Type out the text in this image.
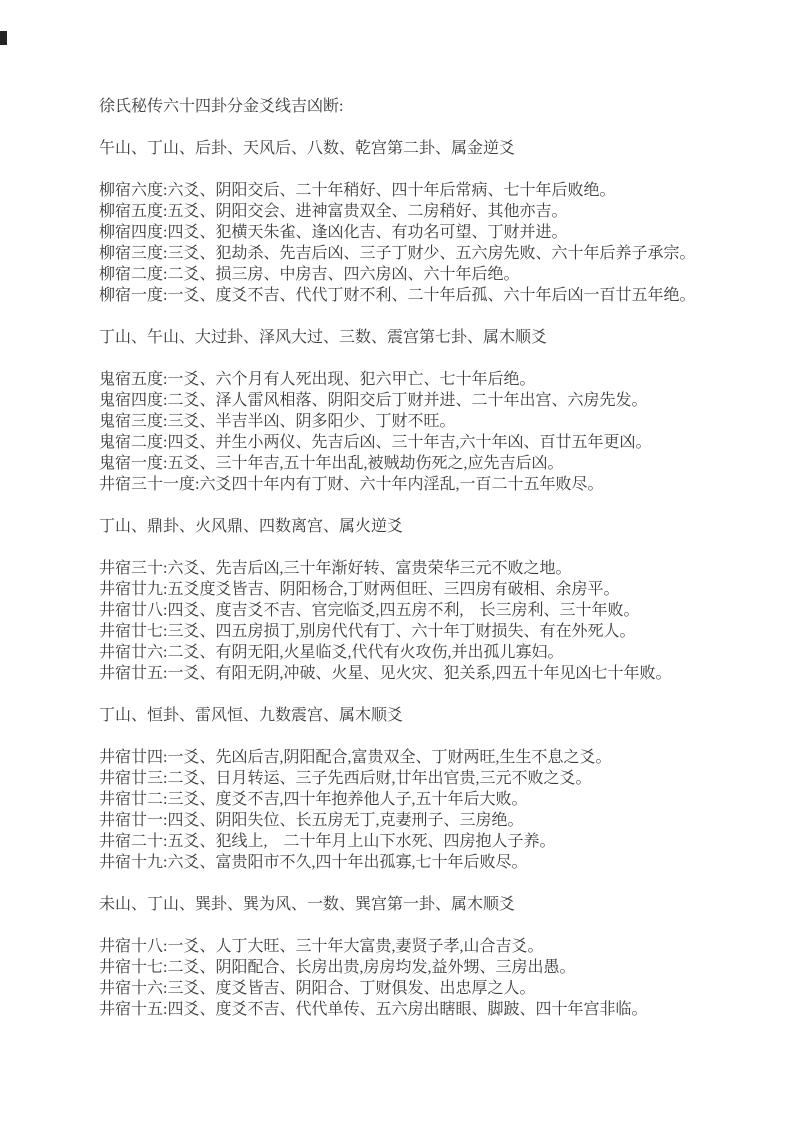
徐氏秘传六十四卦分金爻线吉凶断:

午山、丁山、后卦、天风后、八数、乾宫第二卦、属金逆爻

柳宿六度:六爻、阴阳交后、二十年稍好、四十年后常病、七十年后败绝。

柳宿五度:五爻、阴阳交会、进神富贵双全、二房稍好、其他亦吉。

柳宿四度:四爻、犯横天朱雀、逢凶化吉、有功名可望、丁财并进。

柳宿三度:三爻、犯劫杀、先吉后凶、三子丁财少、五六房先败、六十年后养子承宗。

柳宿二度:二爻、损三房、中房吉、四六房凶、六十年后绝。

柳宿一度:一爻、度爻不吉、代代丁财不利、二十年后孤、六十年后凶一百廿五年绝。

丁山、午山、大过卦、泽风大过、三数、震宫第七卦、属木顺爻

鬼宿五度:一爻、六个月有人死出现、犯六甲亡、七十年后绝。

鬼宿四度:二爻、泽人雷风相落、阴阳交后丁财并进、二十年出宫、六房先发。

鬼宿三度:三爻、半吉半凶、阴多阳少、丁财不旺。

鬼宿二度:四爻、并生小两仪、先吉后凶、三十年吉,六十年凶、百廿五年更凶。

鬼宿一度:五爻、三十年吉,五十年出乱,被贼劫伤死之,应先吉后凶。

井宿三十一度:六爻四十年内有丁财、六十年内淫乱,一百二十五年败尽。

丁山、鼎卦、火风鼎、四数离宫、属火逆爻

井宿三十:六爻、先吉后凶,三十年渐好转、富贵荣华三元不败之地。

井宿廿九:五爻度爻皆吉、阴阳杨合,丁财两但旺、三四房有破相、余房平。

井宿廿八:四爻、度吉爻不吉、官完临爻,四五房不利,　长三房利、三十年败。

井宿廿七:三爻、四五房损丁,别房代代有丁、六十年丁财损失、有在外死人。

井宿廿六:二爻、有阴无阳,火星临爻,代代有火攻伤,并出孤儿寡妇。

井宿廿五:一爻、有阳无阴,冲破、火星、见火灾、犯关系,四五十年见凶七十年败。

丁山、恒卦、雷风恒、九数震宫、属木顺爻

井宿廿四:一爻、先凶后吉,阴阳配合,富贵双全、丁财两旺,生生不息之爻。

井宿廿三:二爻、日月转运、三子先西后财,廿年出官贵,三元不败之爻。

井宿廿二:三爻、度爻不吉,四十年抱养他人子,五十年后大败。

井宿廿一:四爻、阴阳失位、长五房无丁,克妻刑子、三房绝。

井宿二十:五爻、犯线上,　二十年月上山下水死、四房抱人子养。

井宿十九:六爻、富贵阳市不久,四十年出孤寡,七十年后败尽。

未山、丁山、巽卦、巽为风、一数、巽宫第一卦、属木顺爻

井宿十八:一爻、人丁大旺、三十年大富贵,妻贤子孝,山合吉爻。

井宿十七:二爻、阴阳配合、长房出贵,房房均发,益外甥、三房出愚。

井宿十六:三爻、度爻皆吉、阴阳合、丁财俱发、出忠厚之人。

井宿十五:四爻、度爻不吉、代代单传、五六房出瞎眼、脚跛、四十年宫非临。
